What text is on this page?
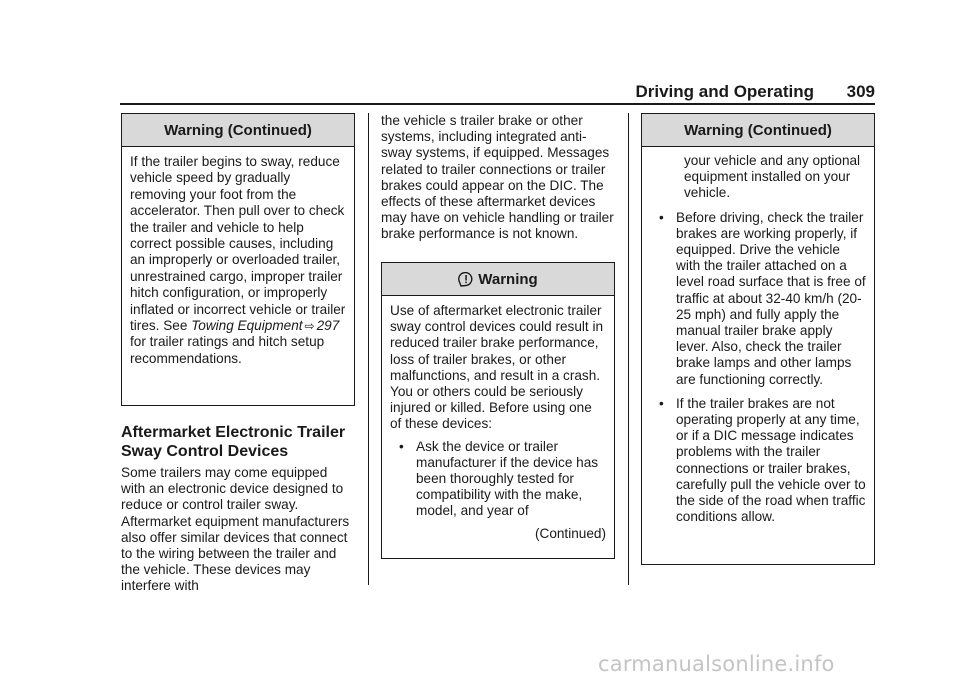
Driving and Operating 309
Warning (Continued)

If the trailer begins to sway, reduce vehicle speed by gradually removing your foot from the accelerator. Then pull over to check the trailer and vehicle to help correct possible causes, including an improperly or overloaded trailer, unrestrained cargo, improper trailer hitch configuration, or improperly inflated or incorrect vehicle or trailer tires. See Towing Equipment ⇨ 297 for trailer ratings and hitch setup recommendations.

Aftermarket Electronic Trailer Sway Control Devices

Some trailers may come equipped with an electronic device designed to reduce or control trailer sway. Aftermarket equipment manufacturers also offer similar devices that connect to the wiring between the trailer and the vehicle. These devices may interfere with

the vehicle s trailer brake or other systems, including integrated anti-sway systems, if equipped. Messages related to trailer connections or trailer brakes could appear on the DIC. The effects of these aftermarket devices may have on vehicle handling or trailer brake performance is not known.

Warning

Use of aftermarket electronic trailer sway control devices could result in reduced trailer brake performance, loss of trailer brakes, or other malfunctions, and result in a crash. You or others could be seriously injured or killed. Before using one of these devices:

• Ask the device or trailer manufacturer if the device has been thoroughly tested for compatibility with the make, model, and year of
(Continued)
Warning (Continued)

your vehicle and any optional equipment installed on your vehicle.

• Before driving, check the trailer brakes are working properly, if equipped. Drive the vehicle with the trailer attached on a level road surface that is free of traffic at about 32-40 km/h (20-25 mph) and fully apply the manual trailer brake apply lever. Also, check the trailer brake lamps and other lamps are functioning correctly.
• If the trailer brakes are not operating properly at any time, or if a DIC message indicates problems with the trailer connections or trailer brakes, carefully pull the vehicle over to the side of the road when traffic conditions allow.
carmanualsonline.info
